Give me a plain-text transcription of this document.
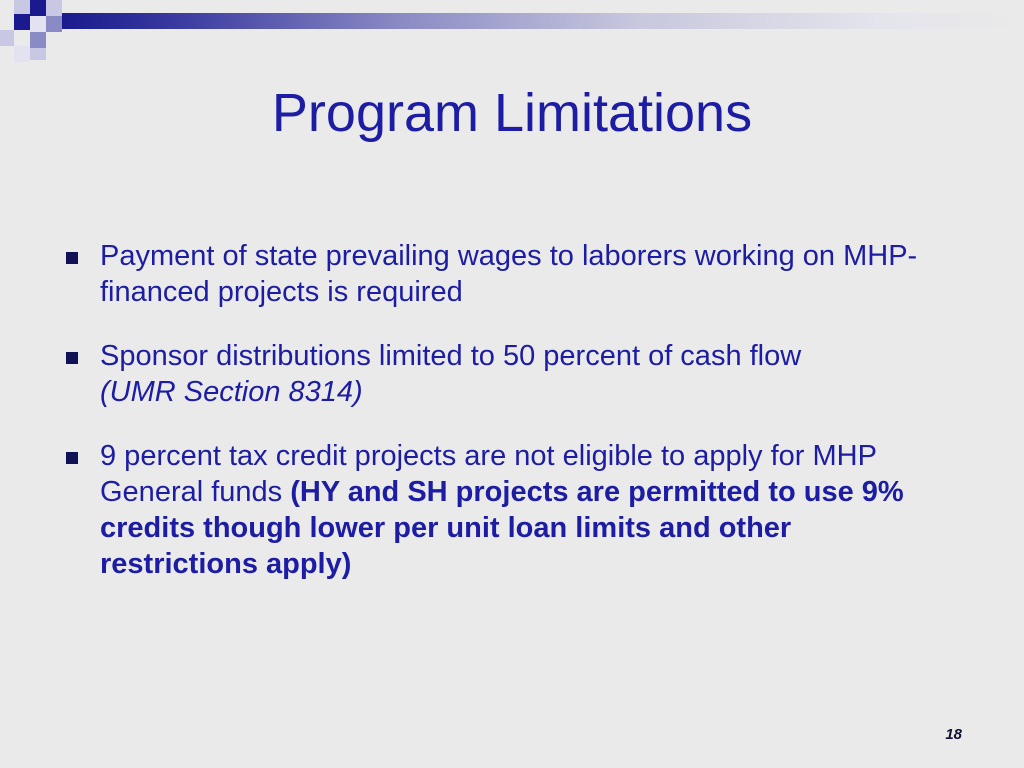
Program Limitations
Payment of state prevailing wages to laborers working on MHP-financed projects is required
Sponsor distributions limited to 50 percent of cash flow
(UMR Section 8314)
9 percent tax credit projects are not eligible to apply for MHP General funds (HY and SH projects are permitted to use 9% credits though lower per unit loan limits and other restrictions apply)
18
